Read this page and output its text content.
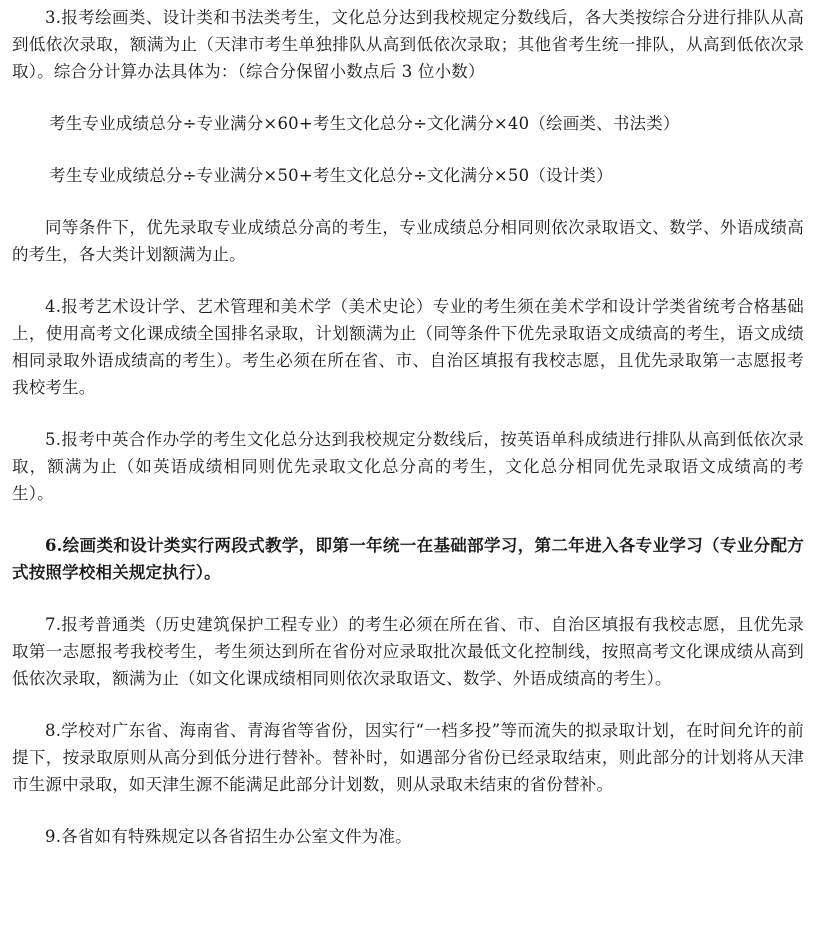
3.报考绘画类、设计类和书法类考生，文化总分达到我校规定分数线后，各大类按综合分进行排队从高到低依次录取，额满为止（天津市考生单独排队从高到低依次录取；其他省考生统一排队，从高到低依次录取）。综合分计算办法具体为：（综合分保留小数点后 3 位小数）

考生专业成绩总分÷专业满分×60+考生文化总分÷文化满分×40（绘画类、书法类）

考生专业成绩总分÷专业满分×50+考生文化总分÷文化满分×50（设计类）

同等条件下，优先录取专业成绩总分高的考生，专业成绩总分相同则依次录取语文、数学、外语成绩高的考生，各大类计划额满为止。

4.报考艺术设计学、艺术管理和美术学（美术史论）专业的考生须在美术学和设计学类省统考合格基础上，使用高考文化课成绩全国排名录取，计划额满为止（同等条件下优先录取语文成绩高的考生，语文成绩相同录取外语成绩高的考生）。考生必须在所在省、市、自治区填报有我校志愿，且优先录取第一志愿报考我校考生。

5.报考中英合作办学的考生文化总分达到我校规定分数线后，按英语单科成绩进行排队从高到低依次录取，额满为止（如英语成绩相同则优先录取文化总分高的考生，文化总分相同优先录取语文成绩高的考生）。

6.绘画类和设计类实行两段式教学，即第一年统一在基础部学习，第二年进入各专业学习（专业分配方式按照学校相关规定执行）。

7.报考普通类（历史建筑保护工程专业）的考生必须在所在省、市、自治区填报有我校志愿，且优先录取第一志愿报考我校考生，考生须达到所在省份对应录取批次最低文化控制线，按照高考文化课成绩从高到低依次录取，额满为止（如文化课成绩相同则依次录取语文、数学、外语成绩高的考生）。

8.学校对广东省、海南省、青海省等省份，因实行“一档多投”等而流失的拟录取计划，在时间允许的前提下，按录取原则从高分到低分进行替补。替补时，如遇部分省份已经录取结束，则此部分的计划将从天津市生源中录取，如天津生源不能满足此部分计划数，则从录取未结束的省份替补。

9.各省如有特殊规定以各省招生办公室文件为准。
